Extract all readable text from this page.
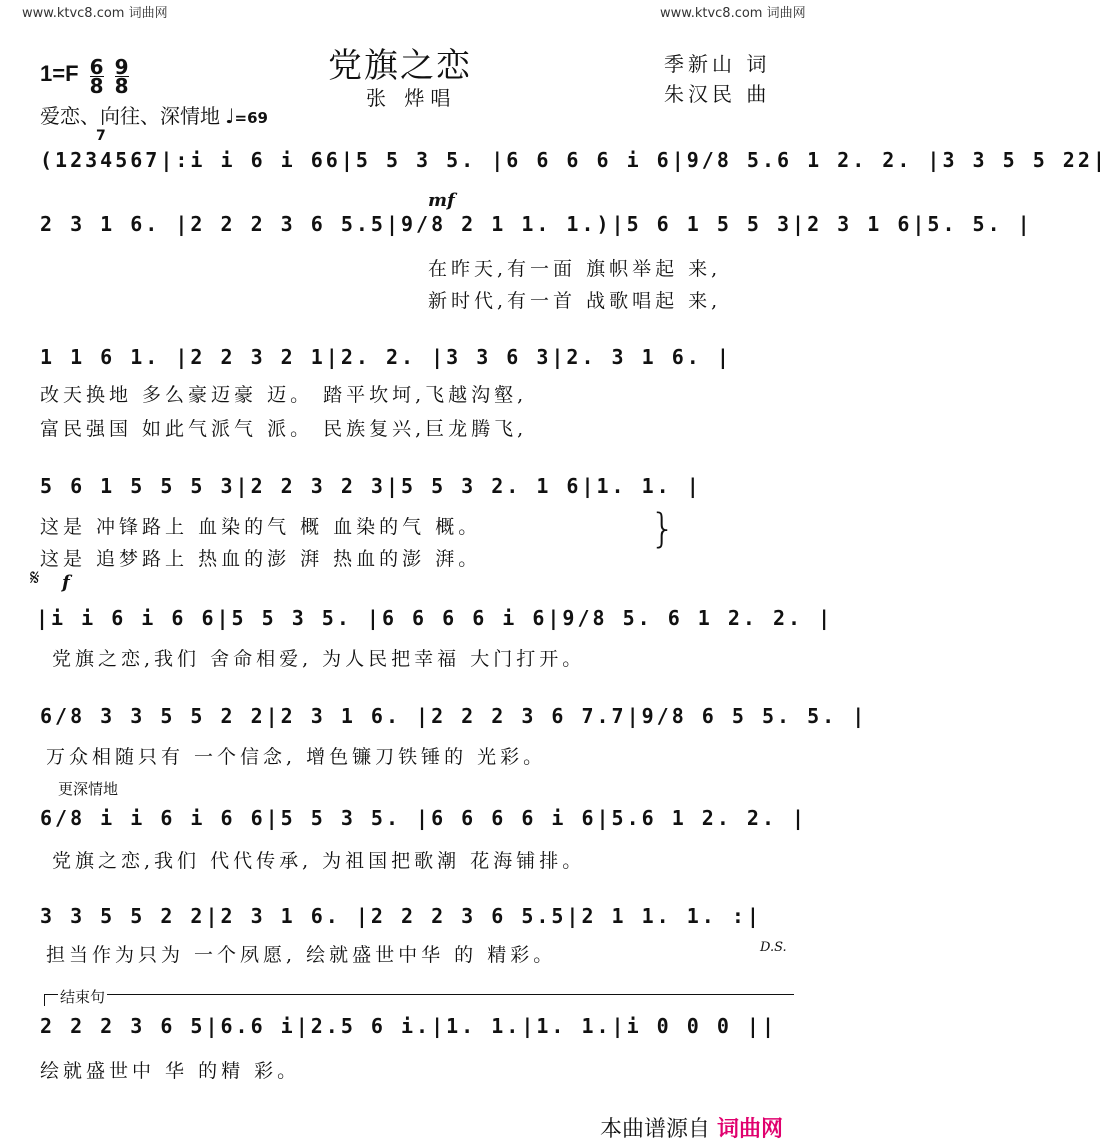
www.ktvc8.com 词曲网	www.ktvc8.com 词曲网
党旗之恋
张 烨唱
季新山 词
朱汉民 曲
$1=F \frac{6}{8} \frac{9}{8}$
爱恋、向往、深情地 ♩=69
7
(1234567|:i i 6 i 66|5 5 3 5. |6 6 6 6 i 6|9/8 5.6 1 2. 2. |3 3 5 5 22|
mf
2 3 1 6. |2 2 2 3 6 5.5|9/8 2 1 1. 1.)|5 6 1 5 5 3|2 3 1 6|5. 5. |
在昨天,有一面 旗帜举起 来,
新时代,有一首 战歌唱起 来,
1 1 6 1. |2 2 3 2 1|2. 2. |3 3 6 3|2. 3 1 6. |
改天换地 多么豪迈豪 迈。 踏平坎坷,飞越沟壑,
富民强国 如此气派气 派。 民族复兴,巨龙腾飞,
5 6 1 5 5 5 3|2 2 3 2 3|5 5 3 2. 1 6|1. 1. |
这是 冲锋路上 血染的气 概 血染的气 概。
这是 追梦路上 热血的澎 湃 热血的澎 湃。
}
𝄋 f
|i i 6 i 6 6|5 5 3 5. |6 6 6 6 i 6|9/8 5. 6 1 2. 2. |
党旗之恋,我们 舍命相爱, 为人民把幸福 大门打开。
6/8 3 3 5 5 2 2|2 3 1 6. |2 2 2 3 6 7.7|9/8 6 5 5. 5. |
万众相随只有 一个信念, 增色镰刀铁锤的 光彩。
更深情地
6/8 i i 6 i 6 6|5 5 3 5. |6 6 6 6 i 6|5.6 1 2. 2. |
党旗之恋,我们 代代传承, 为祖国把歌潮 花海铺排。
3 3 5 5 2 2|2 3 1 6. |2 2 2 3 6 5.5|2 1 1. 1. :|
担当作为只为 一个夙愿, 绘就盛世中华 的 精彩。	D.S.
结束句
2 2 2 3 6 5|6.6 i|2.5 6 i.|1. 1.|1. 1.|i 0 0 0 ||
绘就盛世中 华 的精 彩。
本曲谱源自 词曲网
